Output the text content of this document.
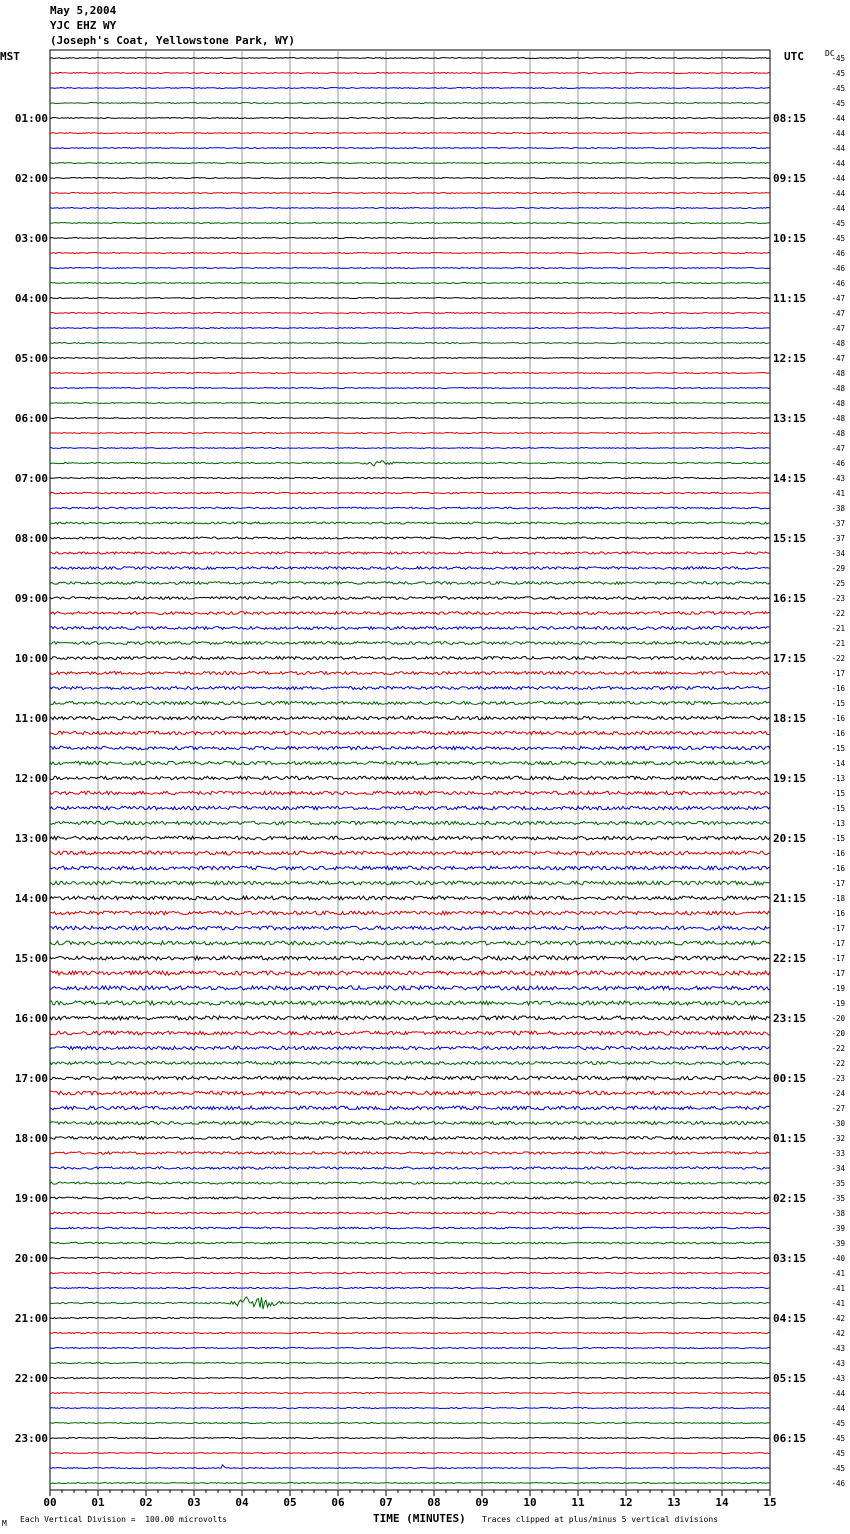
00	01	02	03	04	05	06	07	08	09	10	11	12	13	14	15
-45
-45
-45
-45
-44
-44
-44
-44
-44
-44
-44
-45
-45
-46
-46
-46
-47
-47
-47
-48
-47
-48
-48
-48
-48
-48
-47
-46
-43
-41
-38
-37
-37
-34
-29
-25
-23
-22
-21
-21
-22
-17
-16
-15
-16
-16
-15
-14
-13
-15
-15
-13
-15
-16
-16
-17
-18
-16
-17
-17
-17
-17
-19
-19
-20
-20
-22
-22
-23
-24
-27
-30
-32
-33
-34
-35
-35
-38
-39
-39
-40
-41
-41
-41
-42
-42
-43
-43
-43
-44
-44
-45
-45
-45
-45
-46
01:00	08:15
02:00	09:15
03:00	10:15
04:00	11:15
05:00	12:15
06:00	13:15
07:00	14:15
08:00	15:15
09:00	16:15
10:00	17:15
11:00	18:15
12:00	19:15
13:00	20:15
14:00	21:15
15:00	22:15
16:00	23:15
17:00	00:15
18:00	01:15
19:00	02:15
20:00	03:15
21:00	04:15
22:00	05:15
23:00	06:15
May 5,2004
YJC EHZ WY
(Joseph's Coat, Yellowstone Park, WY)
MST	UTC	DC
TIME (MINUTES)
M Each Vertical Division =  100.00 microvolts	Traces clipped at plus/minus 5 vertical divisions
